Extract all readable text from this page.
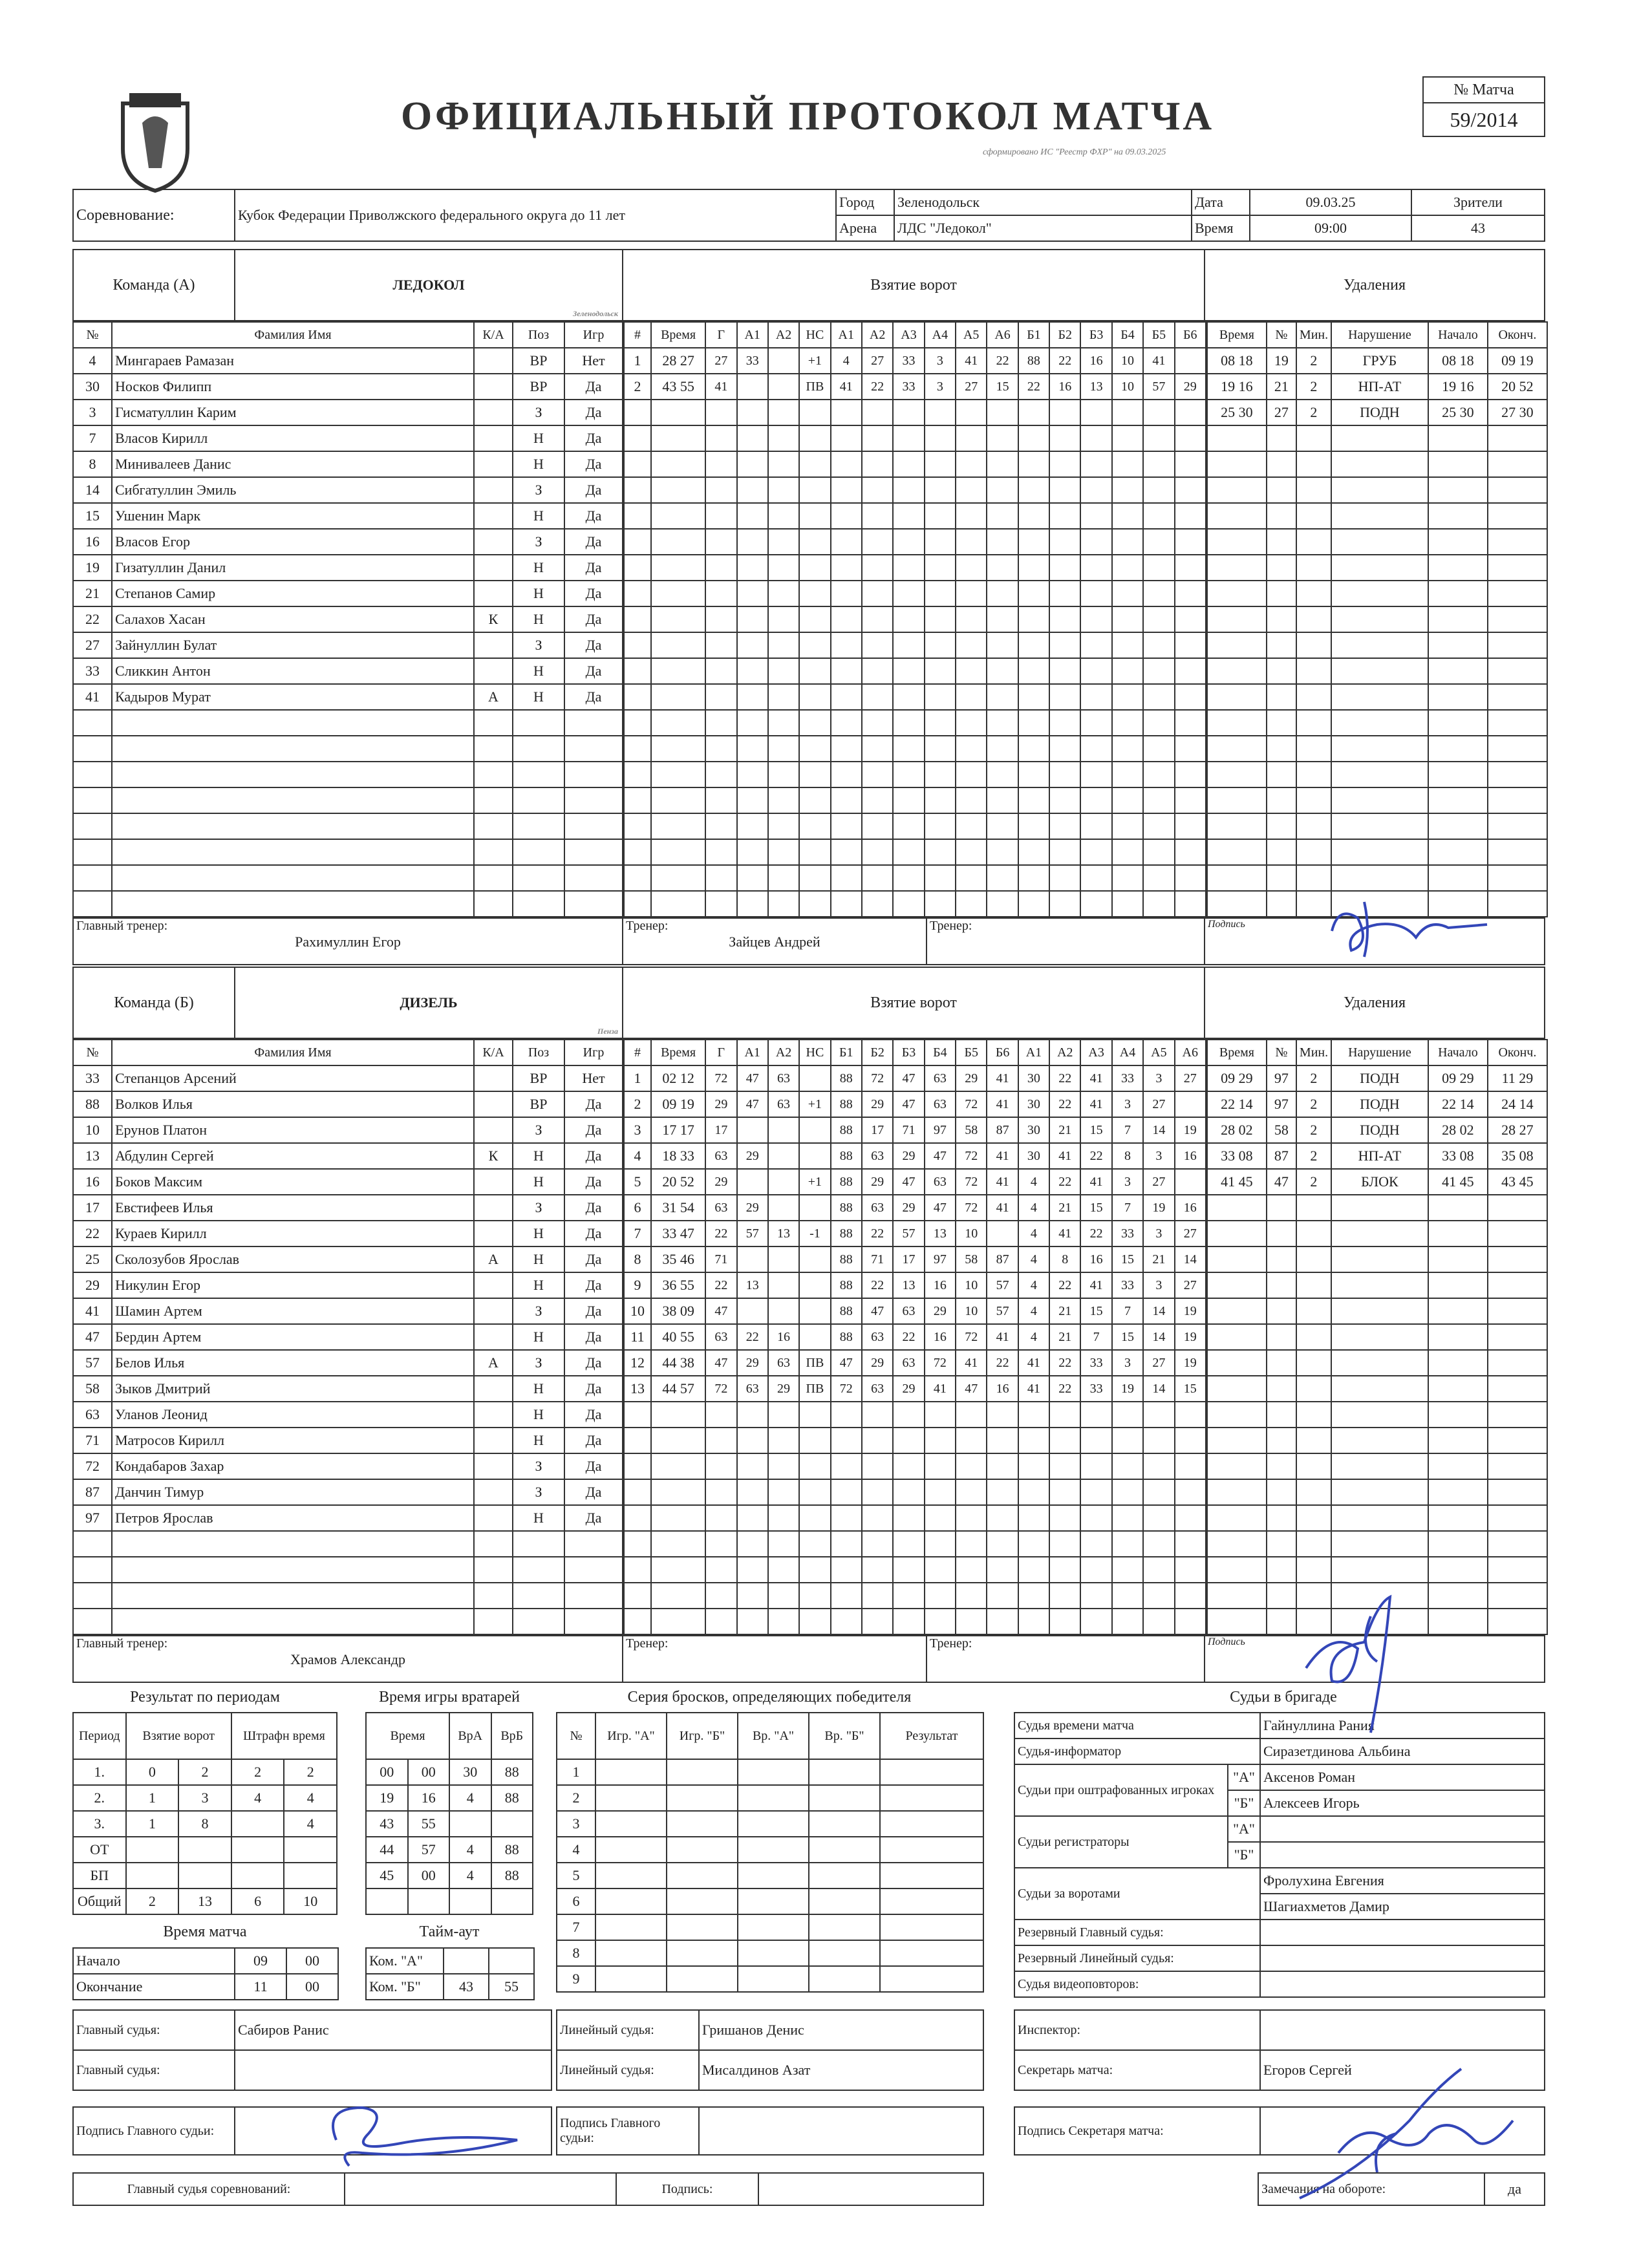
ОФИЦИАЛЬНЫЙ ПРОТОКОЛ МАТЧА
сформировано ИС "Реестр ФХР" на 09.03.2025
№ Матча
59/2014
Соревнование:	Кубок Федерации Приволжского федерального округа до 11 лет	Город	Зеленодольск	Дата	09.03.25	Зрители
		Арена	ЛДС "Ледокол"	Время	09:00	43
Команда (А)	ЛЕДОКОЛ
Зеленодольск
	Взятие ворот	Удаления
№	Фамилия Имя	К/А	Поз	Игр
4	Мингараев Рамазан		ВР	Нет
30	Носков Филипп		ВР	Да
3	Гисматуллин Карим		З	Да
7	Власов Кирилл		Н	Да
8	Минивалеев Данис		Н	Да
14	Сибгатуллин Эмиль		З	Да
15	Ушенин Марк		Н	Да
16	Власов Егор		З	Да
19	Гизатуллин Данил		Н	Да
21	Степанов Самир		Н	Да
22	Салахов Хасан	К	Н	Да
27	Зайнуллин Булат		З	Да
33	Сликкин Антон		Н	Да
41	Кадыров Мурат	А	Н	Да

#	Время	Г	А1	А2	НС	А1	А2	А3	А4	А5	А6	Б1	Б2	Б3	Б4	Б5	Б6
1	28 27	27	33		+1	4	27	33	3	41	22	88	22	16	10	41	
2	43 55	41			ПВ	41	22	33	3	27	15	22	16	13	10	57	29

Время	№	Мин.	Нарушение	Начало	Оконч.
08 18	19	2	ГРУБ	08 18	09 19
19 16	21	2	НП-АТ	19 16	20 52
25 30	27	2	ПОДН	25 30	27 30

Главный тренер:
Рахимуллин Егор

Тренер:
Зайцев Андрей

Тренер:	Подпись
Команда (Б)	ДИЗЕЛЬ
Пенза
	Взятие ворот	Удаления
№	Фамилия Имя	К/А	Поз	Игр
33	Степанцов Арсений		ВР	Нет
88	Волков Илья		ВР	Да
10	Ерунов Платон		З	Да
13	Абдулин Сергей	К	Н	Да
16	Боков Максим		Н	Да
17	Евстифеев Илья		З	Да
22	Кураев Кирилл		Н	Да
25	Сколозубов Ярослав	А	Н	Да
29	Никулин Егор		Н	Да
41	Шамин Артем		З	Да
47	Бердин Артем		Н	Да
57	Белов Илья	А	З	Да
58	Зыков Дмитрий		Н	Да
63	Уланов Леонид		Н	Да
71	Матросов Кирилл		Н	Да
72	Кондабаров Захар		З	Да
87	Данчин Тимур		З	Да
97	Петров Ярослав		Н	Да

#	Время	Г	А1	А2	НС	Б1	Б2	Б3	Б4	Б5	Б6	А1	А2	А3	А4	А5	А6
1	02 12	72	47	63		88	72	47	63	29	41	30	22	41	33	3	27
2	09 19	29	47	63	+1	88	29	47	63	72	41	30	22	41	3	27	
3	17 17	17				88	17	71	97	58	87	30	21	15	7	14	19
4	18 33	63	29			88	63	29	47	72	41	30	41	22	8	3	16
5	20 52	29			+1	88	29	47	63	72	41	4	22	41	3	27	
6	31 54	63	29			88	63	29	47	72	41	4	21	15	7	19	16
7	33 47	22	57	13	-1	88	22	57	13	10		4	41	22	33	3	27
8	35 46	71				88	71	17	97	58	87	4	8	16	15	21	14
9	36 55	22	13			88	22	13	16	10	57	4	22	41	33	3	27
10	38 09	47				88	47	63	29	10	57	4	21	15	7	14	19
11	40 55	63	22	16		88	63	22	16	72	41	4	21	7	15	14	19
12	44 38	47	29	63	ПВ	47	29	63	72	41	22	41	22	33	3	27	19
13	44 57	72	63	29	ПВ	72	63	29	41	47	16	41	22	33	19	14	15

Время	№	Мин.	Нарушение	Начало	Оконч.
09 29	97	2	ПОДН	09 29	11 29
22 14	97	2	ПОДН	22 14	24 14
28 02	58	2	ПОДН	28 02	28 27
33 08	87	2	НП-АТ	33 08	35 08
41 45	47	2	БЛОК	41 45	43 45

Главный тренер:
Храмов Александр

Тренер:	Тренер:	Подпись
Результат по периодам
Период	Взятие ворот		Штрафн время	

1.	0	2	2	2
2.	1	3	4	4
3.	1	8		4
ОТ				
БП				
Общий	2	13	6	10
Время игры вратарей
Время		ВрА	ВрБ
00	00	30	88
19	16	4	88
43	55		
44	57	4	88
45	00	4	88

Серия бросков, определяющих победителя
№	Игр. "А"	Игр. "Б"	Вр. "А"	Вр. "Б"	Результат
1					
2					
3					
4					
5					
6					
7					
8					
9					
Время матча
Начало	09	00
Окончание	11	00
Тайм-аут
Ком. "А"		
Ком. "Б"	43	55
Судьи в бригаде
Судья времени матча		Гайнуллина Рания
Судья-информатор		Сиразетдинова Альбина
Судьи при оштрафованных игроках	"А"	Аксенов Роман
	"Б"	Алексеев Игорь
Судьи регистраторы	"А"	
	"Б"	
Судьи за воротами		Фролухина Евгения
		Шагиахметов Дамир
Резервный Главный судья:		
Резервный Линейный судья:		
Судья видеоповторов:		
Главный судья:	Сабиров Ранис
Главный судья:	
Линейный судья:	Гришанов Денис
Линейный судья:	Мисалдинов Азат
Инспектор:	
Секретарь матча:	Егоров Сергей
Подпись Главного судьи:	
Подпись Главного судьи:	
Подпись Секретаря матча:	
Главный судья соревнований:		Подпись:		Замечания на обороте:	да
